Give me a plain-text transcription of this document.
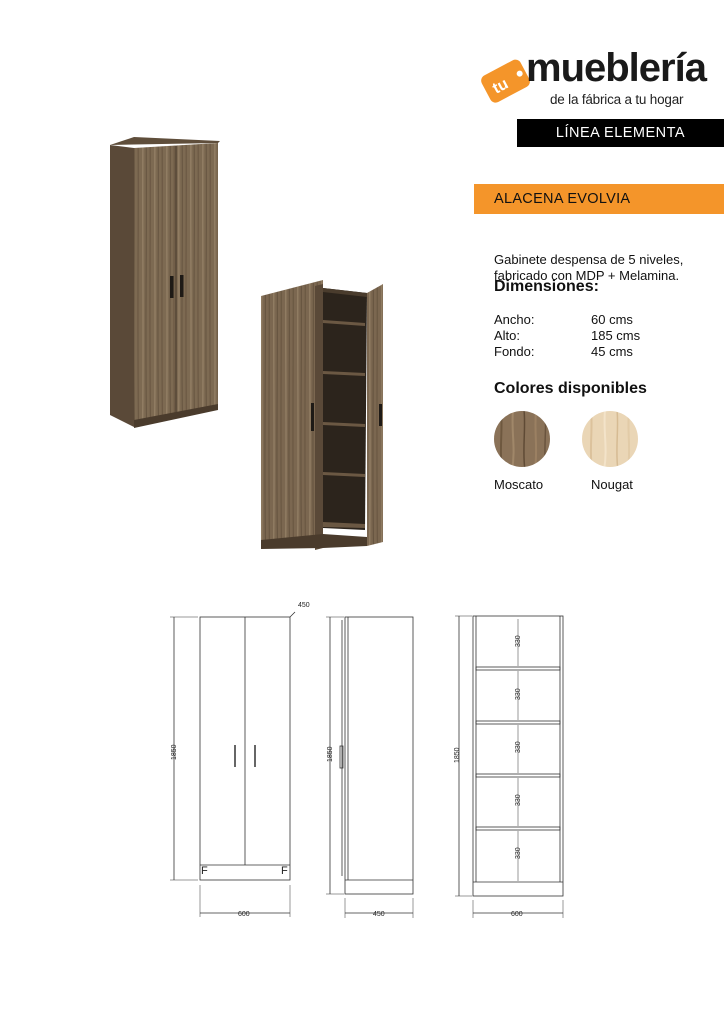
tu mueblería
de la fábrica a tu hogar
LÍNEA ELEMENTA
ALACENA EVOLVIA
Gabinete despensa de 5 niveles,
fabricado con MDP + Melamina.
Dimensiones:
Ancho:	60 cms
Alto:	185 cms
Fondo:	45 cms
Colores disponibles
Moscato	Nougat
450
1850
600
F	F
1850
450
330
330
330
330
330
1850
600
